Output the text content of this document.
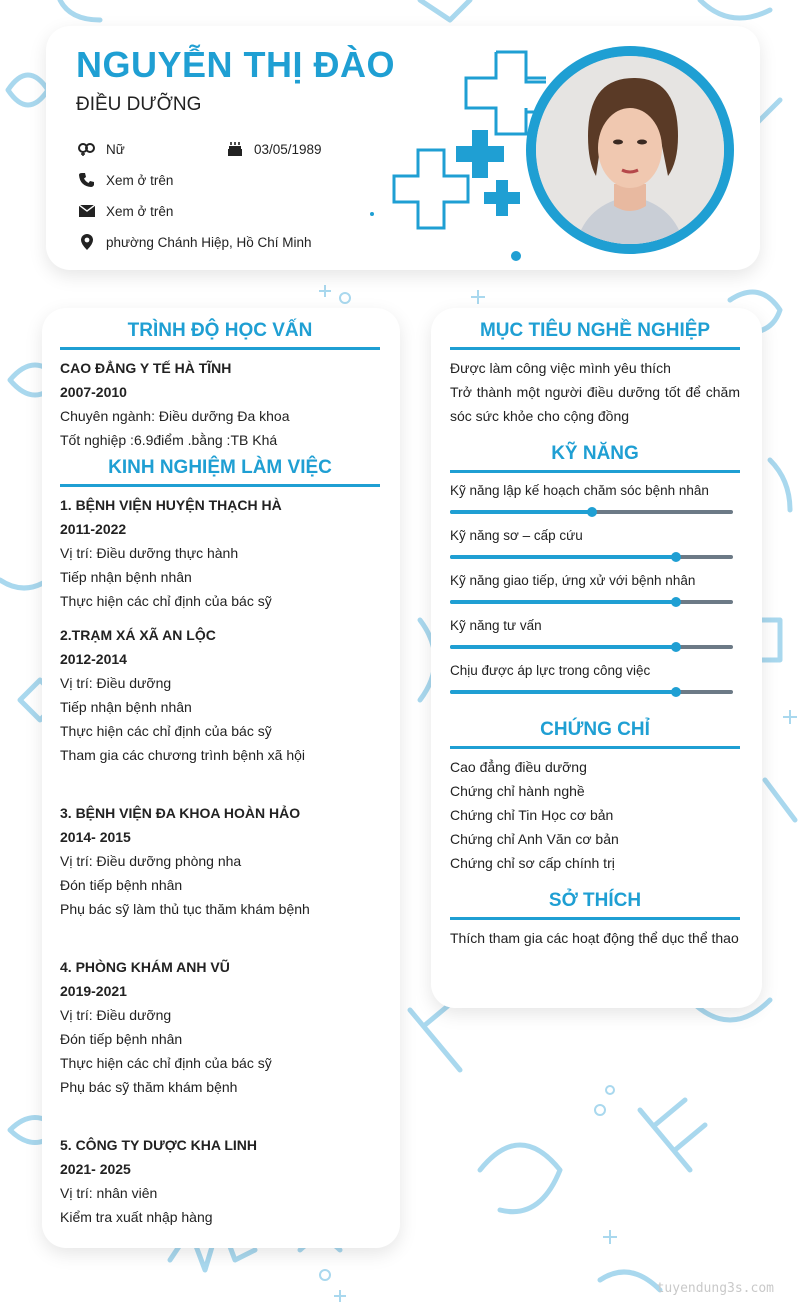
NGUYỄN THỊ ĐÀO
ĐIỀU DƯỠNG
Nữ	03/05/1989
Xem ở trên
Xem ở trên
phường Chánh Hiệp, Hồ Chí Minh
TRÌNH ĐỘ HỌC VẤN
CAO ĐẲNG Y TẾ HÀ TĨNH
2007-2010
Chuyên ngành: Điều dưỡng Đa khoa
Tốt nghiệp :6.9điểm .bằng :TB Khá
KINH NGHIỆM LÀM VIỆC
1. BỆNH VIỆN HUYỆN THẠCH HÀ
2011-2022
Vị trí: Điều dưỡng thực hành
Tiếp nhận bệnh nhân
Thực hiện các chỉ định của bác sỹ
2.TRẠM XÁ XÃ AN LỘC
2012-2014
Vị trí: Điều dưỡng
Tiếp nhận bệnh nhân
Thực hiện các chỉ định của bác sỹ
Tham gia các chương trình bệnh xã hội
3. BỆNH VIỆN ĐA KHOA HOÀN HẢO
2014- 2015
Vị trí: Điều dưỡng phòng nha
Đón tiếp bệnh nhân
Phụ bác sỹ làm thủ tục thăm khám bệnh
4. PHÒNG KHÁM ANH VŨ
2019-2021
Vị trí: Điều dưỡng
Đón tiếp bệnh nhân
Thực hiện các chỉ định của bác sỹ
Phụ bác sỹ thăm khám bệnh
5. CÔNG TY DƯỢC KHA LINH
2021- 2025
Vị trí: nhân viên
Kiểm tra xuất nhập hàng
MỤC TIÊU NGHỀ NGHIỆP
Được làm công việc mình yêu thích
Trở thành một người điều dưỡng tốt để chăm sóc sức khỏe cho cộng đồng
KỸ NĂNG
Kỹ năng lập kế hoạch chăm sóc bệnh nhân
Kỹ năng sơ – cấp cứu
Kỹ năng giao tiếp, ứng xử với bệnh nhân
Kỹ năng tư vấn
Chịu được áp lực trong công việc
CHỨNG CHỈ
Cao đẳng điều dưỡng
Chứng chỉ hành nghề
Chứng chỉ Tin Học cơ bản
Chứng chỉ Anh Văn cơ bản
Chứng chỉ sơ cấp chính trị
SỞ THÍCH
Thích tham gia các hoạt động thể dục thể thao
tuyendung3s.com
